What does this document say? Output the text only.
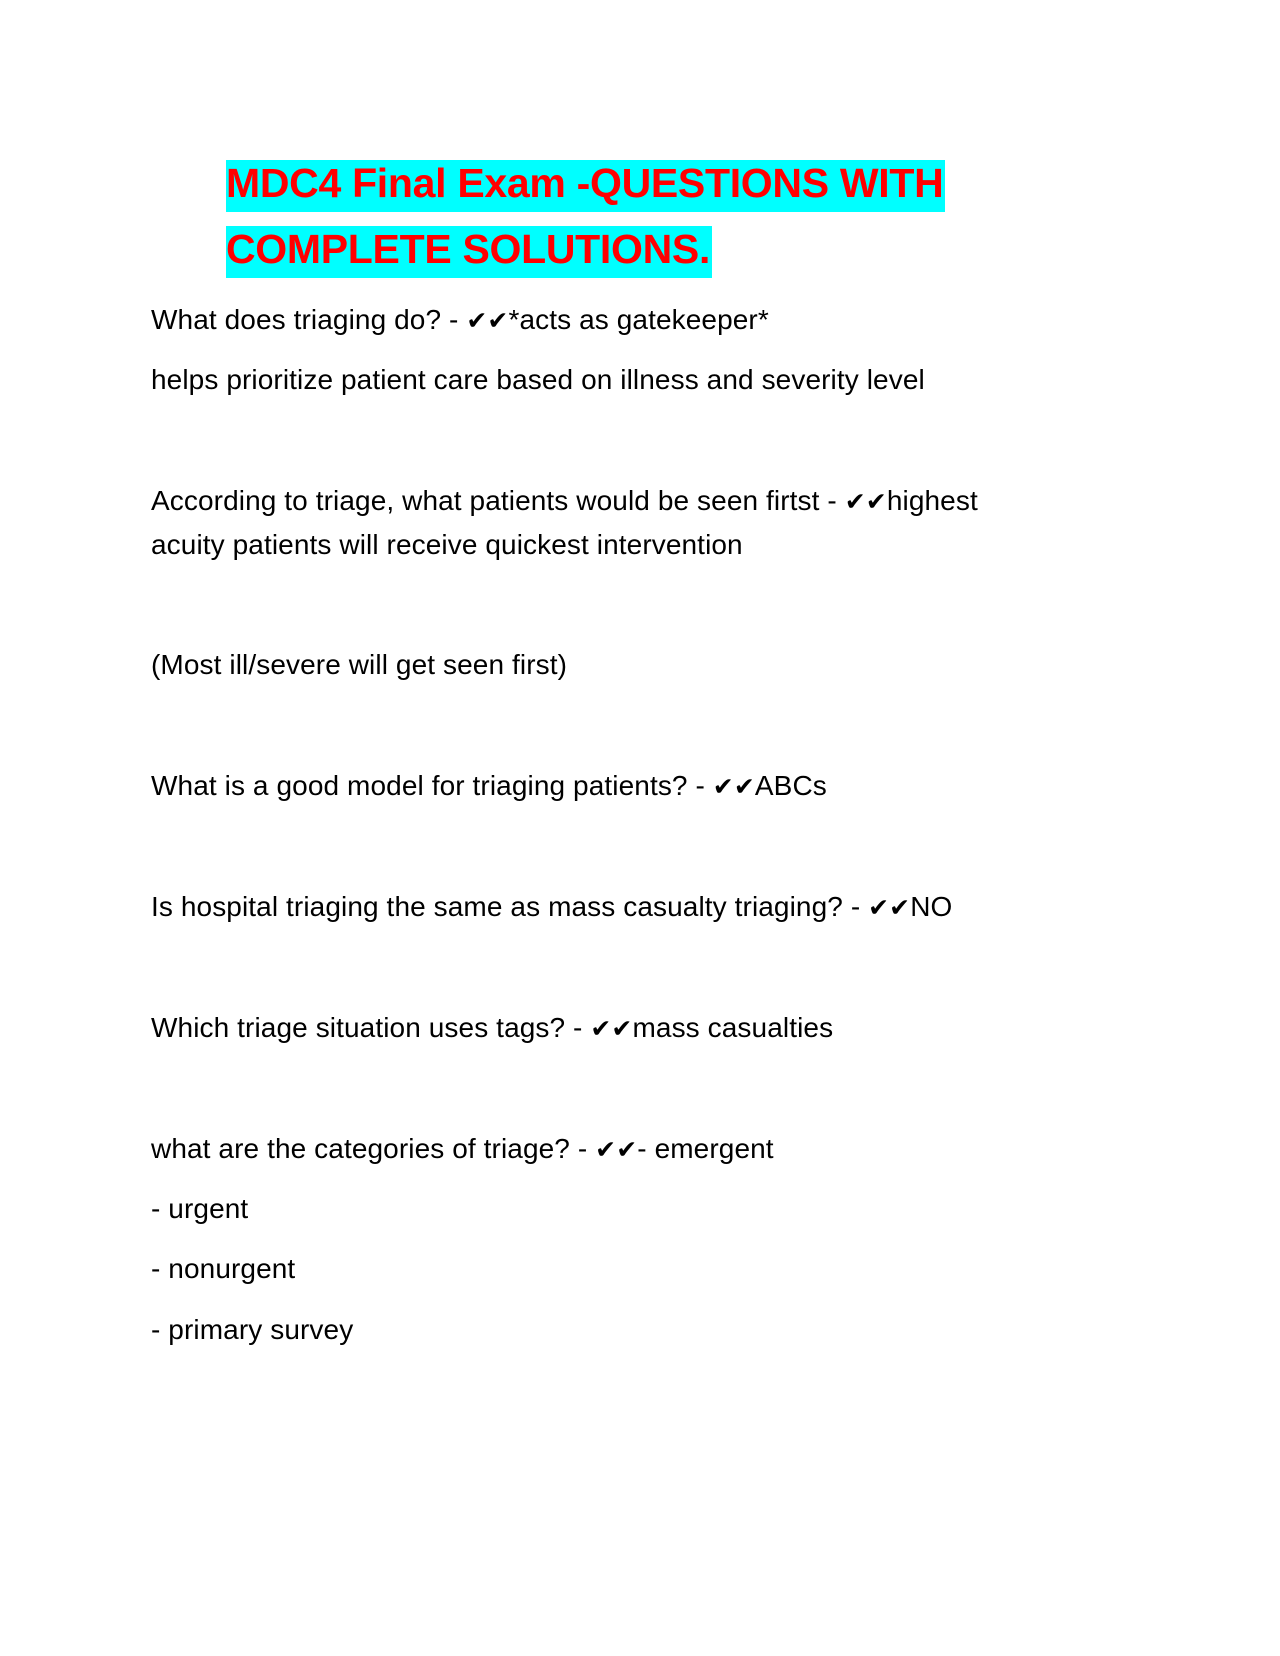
MDC4 Final Exam -QUESTIONS WITH
COMPLETE SOLUTIONS.

What does triaging do? - ✔✔*acts as gatekeeper*

helps prioritize patient care based on illness and severity level

According to triage, what patients would be seen firtst - ✔✔highest

acuity patients will receive quickest intervention

(Most ill/severe will get seen first)

What is a good model for triaging patients? - ✔✔ABCs

Is hospital triaging the same as mass casualty triaging? - ✔✔NO

Which triage situation uses tags? - ✔✔mass casualties

what are the categories of triage? - ✔✔- emergent

- urgent

- nonurgent

- primary survey
